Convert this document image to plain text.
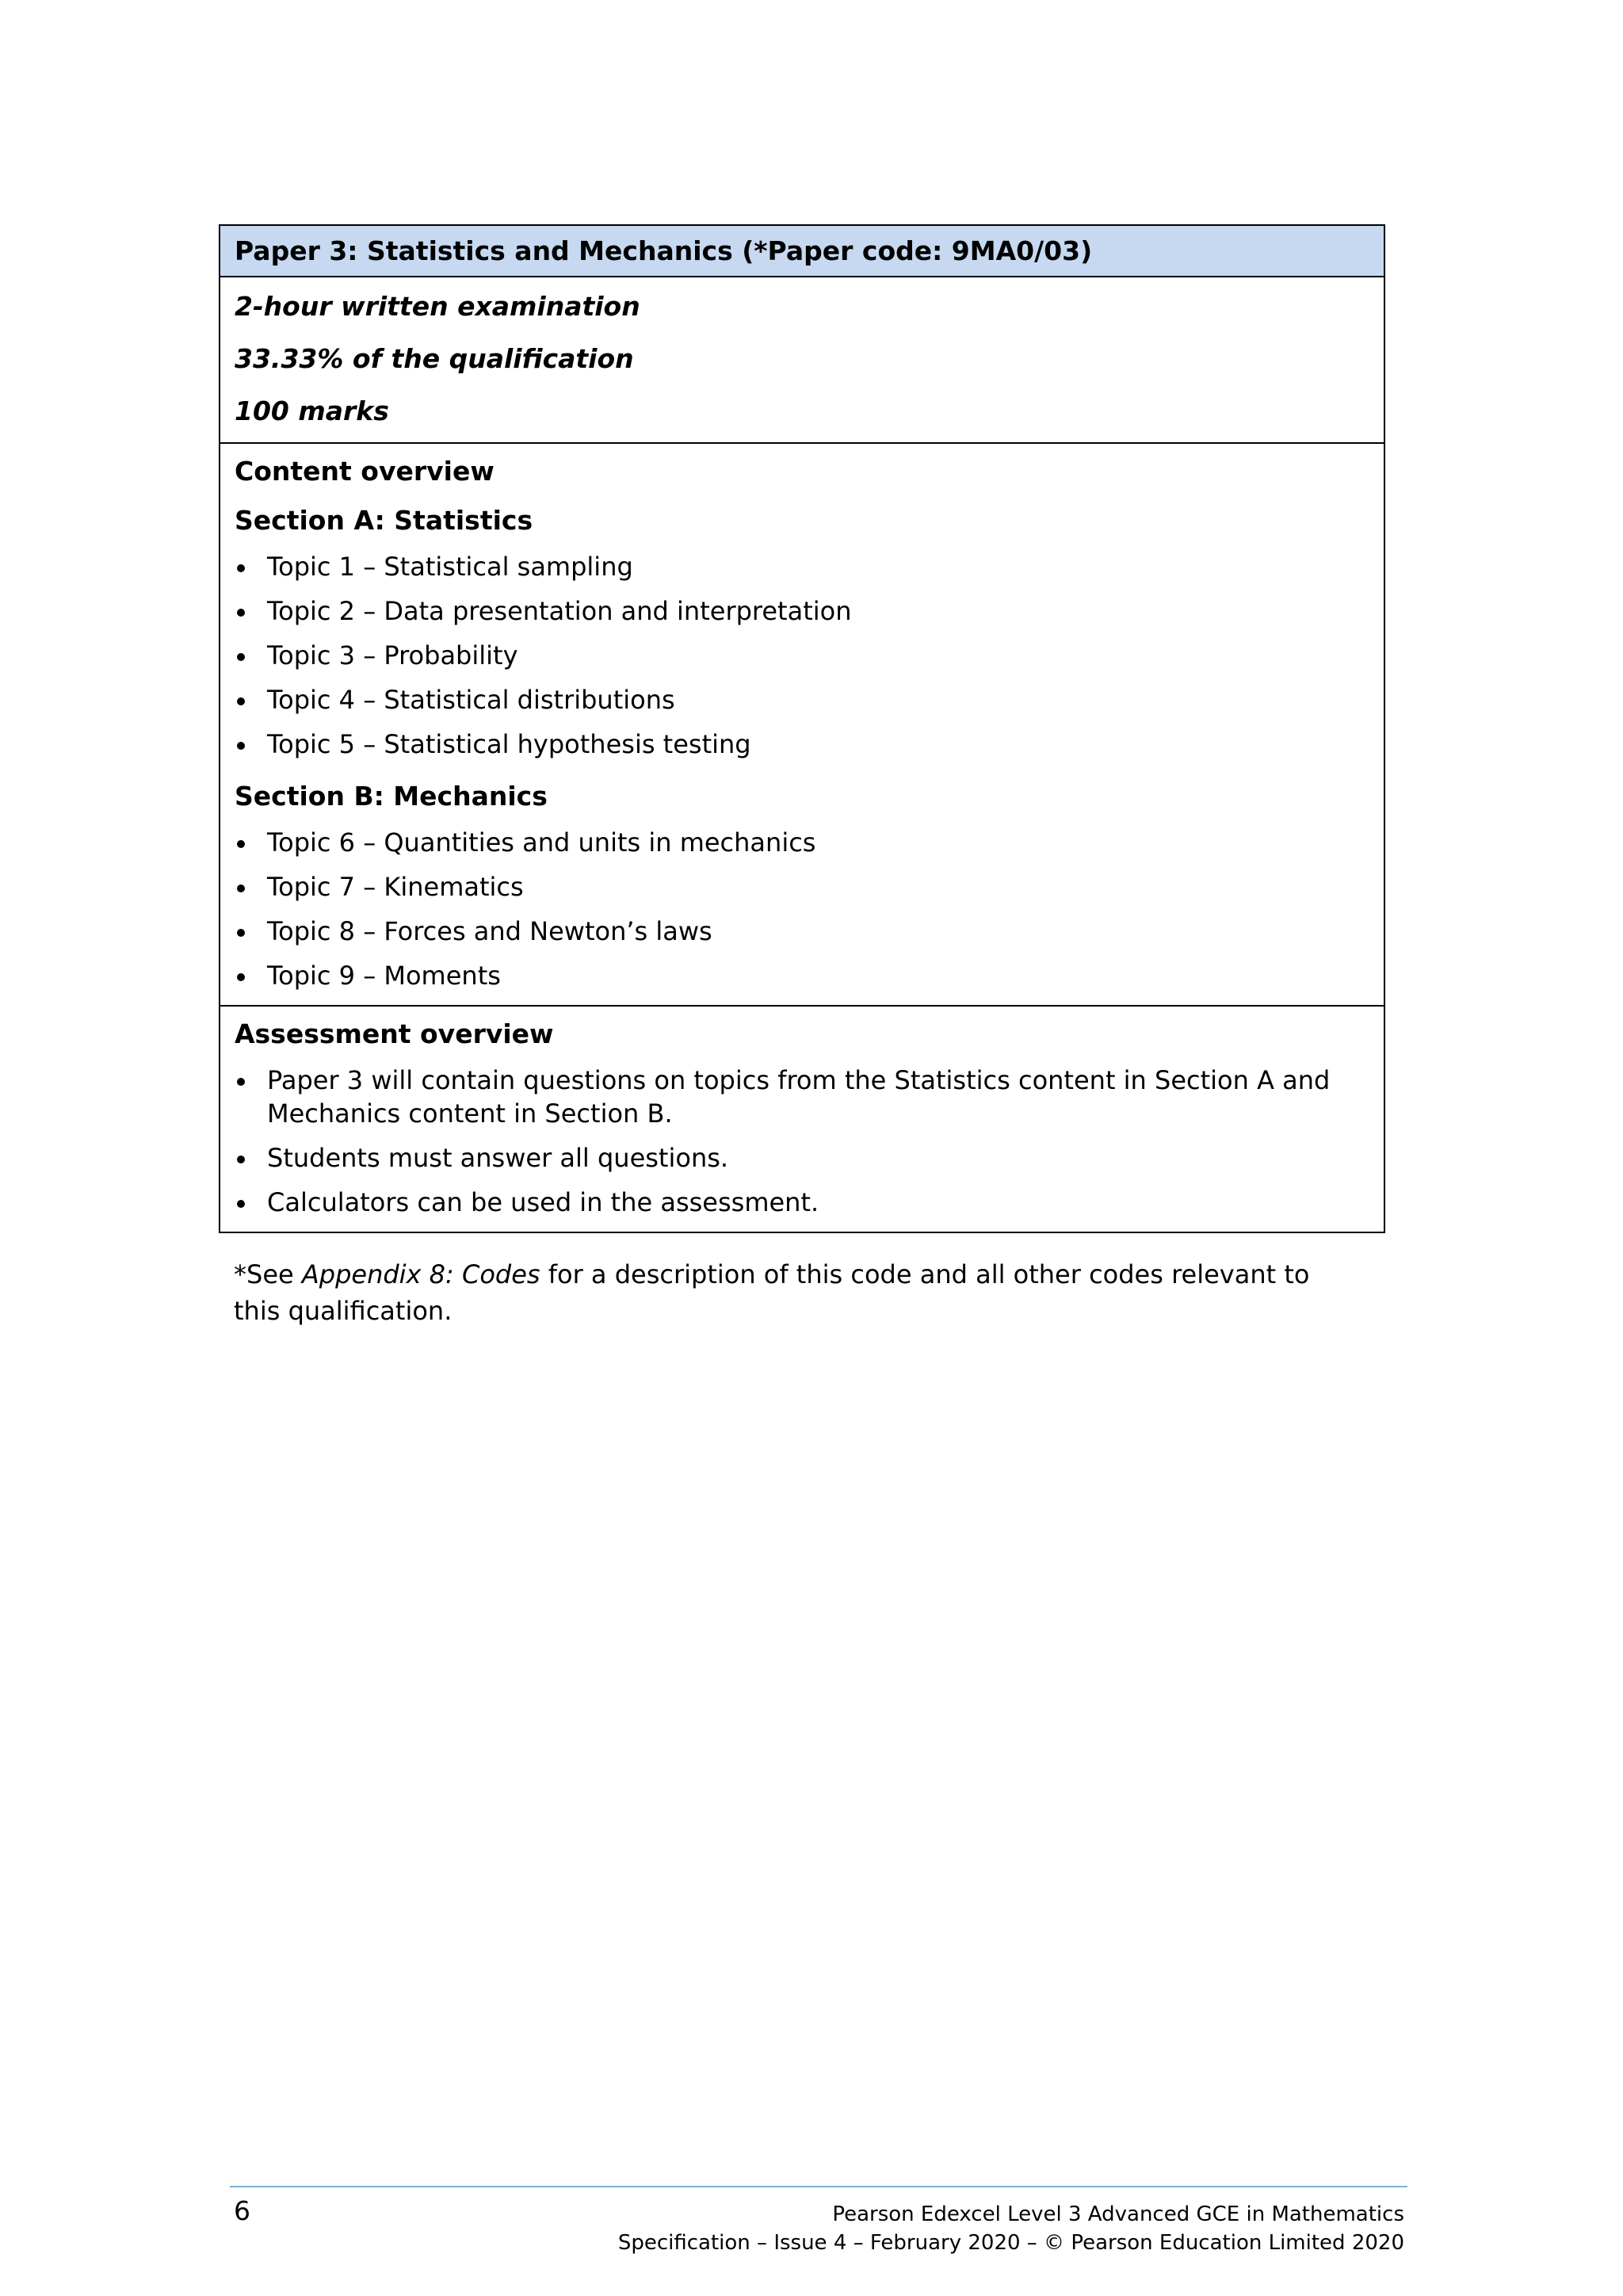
Paper 3: Statistics and Mechanics (*Paper code: 9MA0/03)
2-hour written examination
33.33% of the qualification
100 marks
Content overview
Section A: Statistics
Topic 1 – Statistical sampling
Topic 2 – Data presentation and interpretation
Topic 3 – Probability
Topic 4 – Statistical distributions
Topic 5 – Statistical hypothesis testing
Section B: Mechanics
Topic 6 – Quantities and units in mechanics
Topic 7 – Kinematics
Topic 8 – Forces and Newton’s laws
Topic 9 – Moments
Assessment overview
Paper 3 will contain questions on topics from the Statistics content in Section A and Mechanics content in Section B.
Students must answer all questions.
Calculators can be used in the assessment.
*See Appendix 8: Codes for a description of this code and all other codes relevant to this qualification.
6	Pearson Edexcel Level 3 Advanced GCE in Mathematics
Specification – Issue 4 – February 2020 – © Pearson Education Limited 2020
